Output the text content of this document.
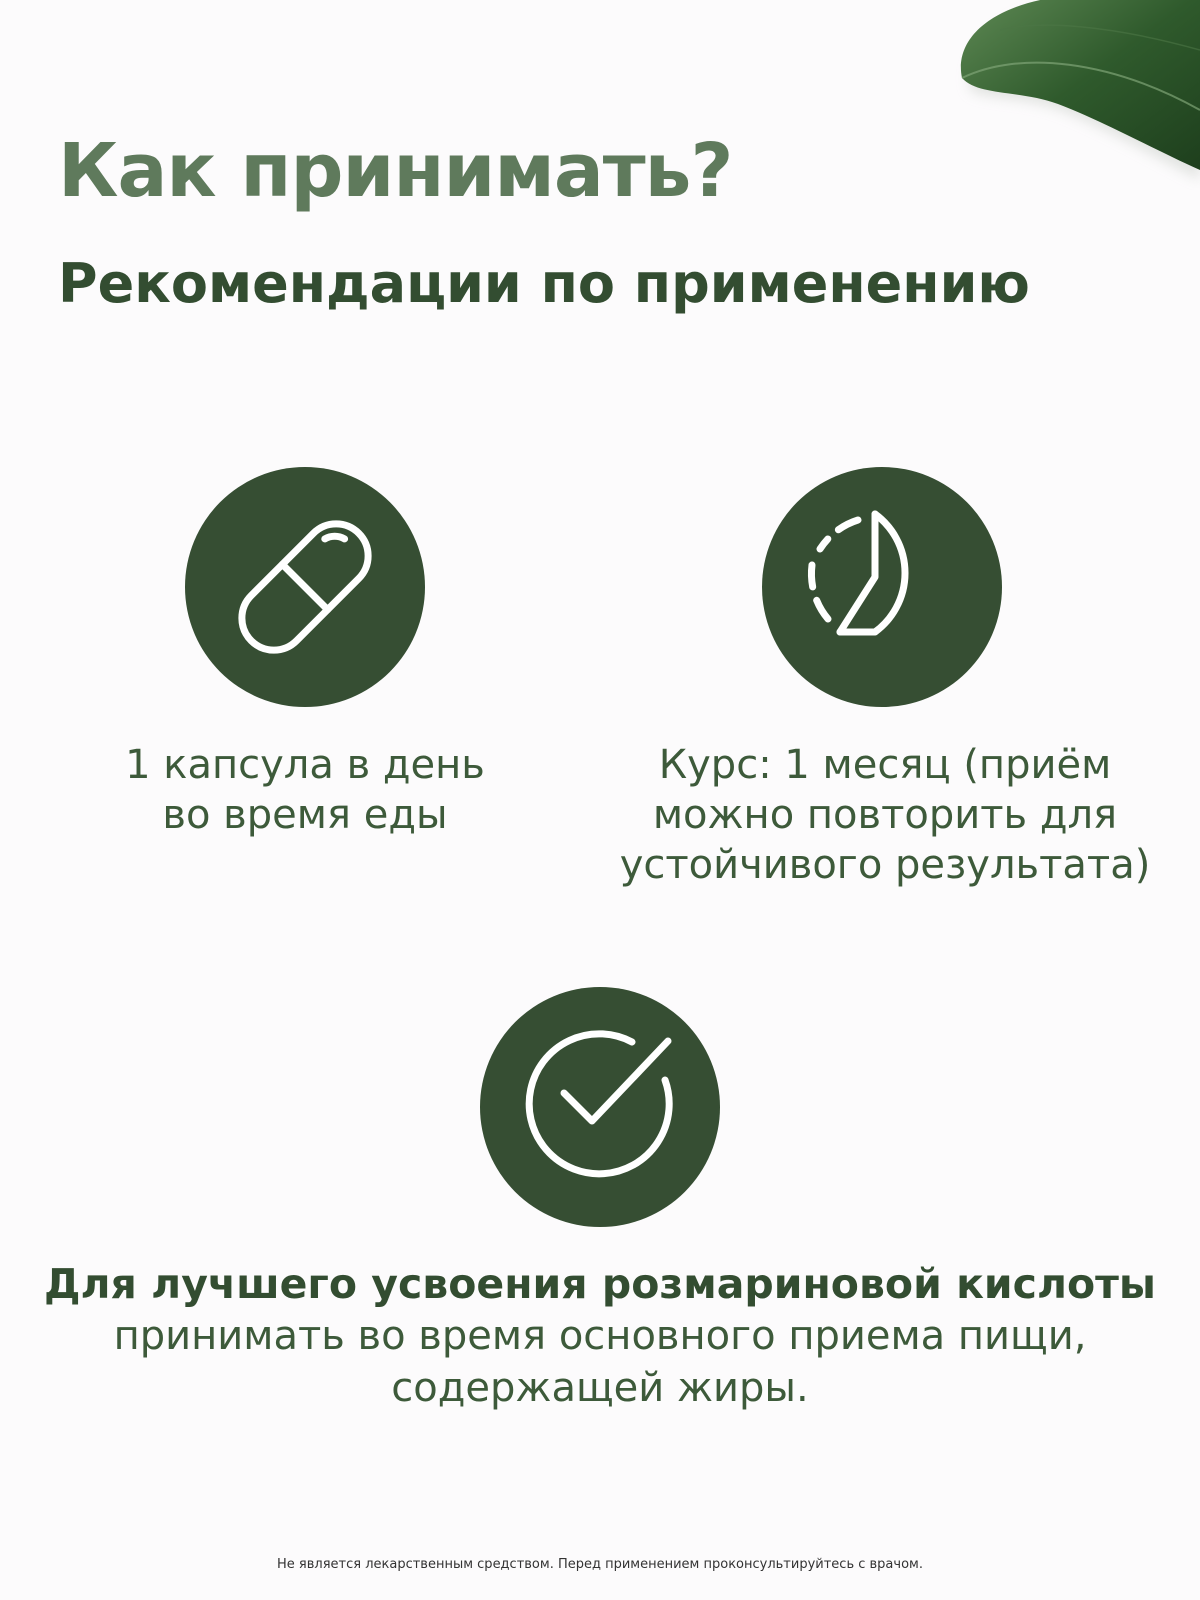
Как принимать?
Рекомендации по применению

1 капсула в день
во время еды

Курс: 1 месяц (приём
можно повторить для
устойчивого результата)

Для лучшего усвоения розмариновой кислоты
принимать во время основного приема пищи,
содержащей жиры.

Не является лекарственным средством. Перед применением проконсультируйтесь с врачом.
